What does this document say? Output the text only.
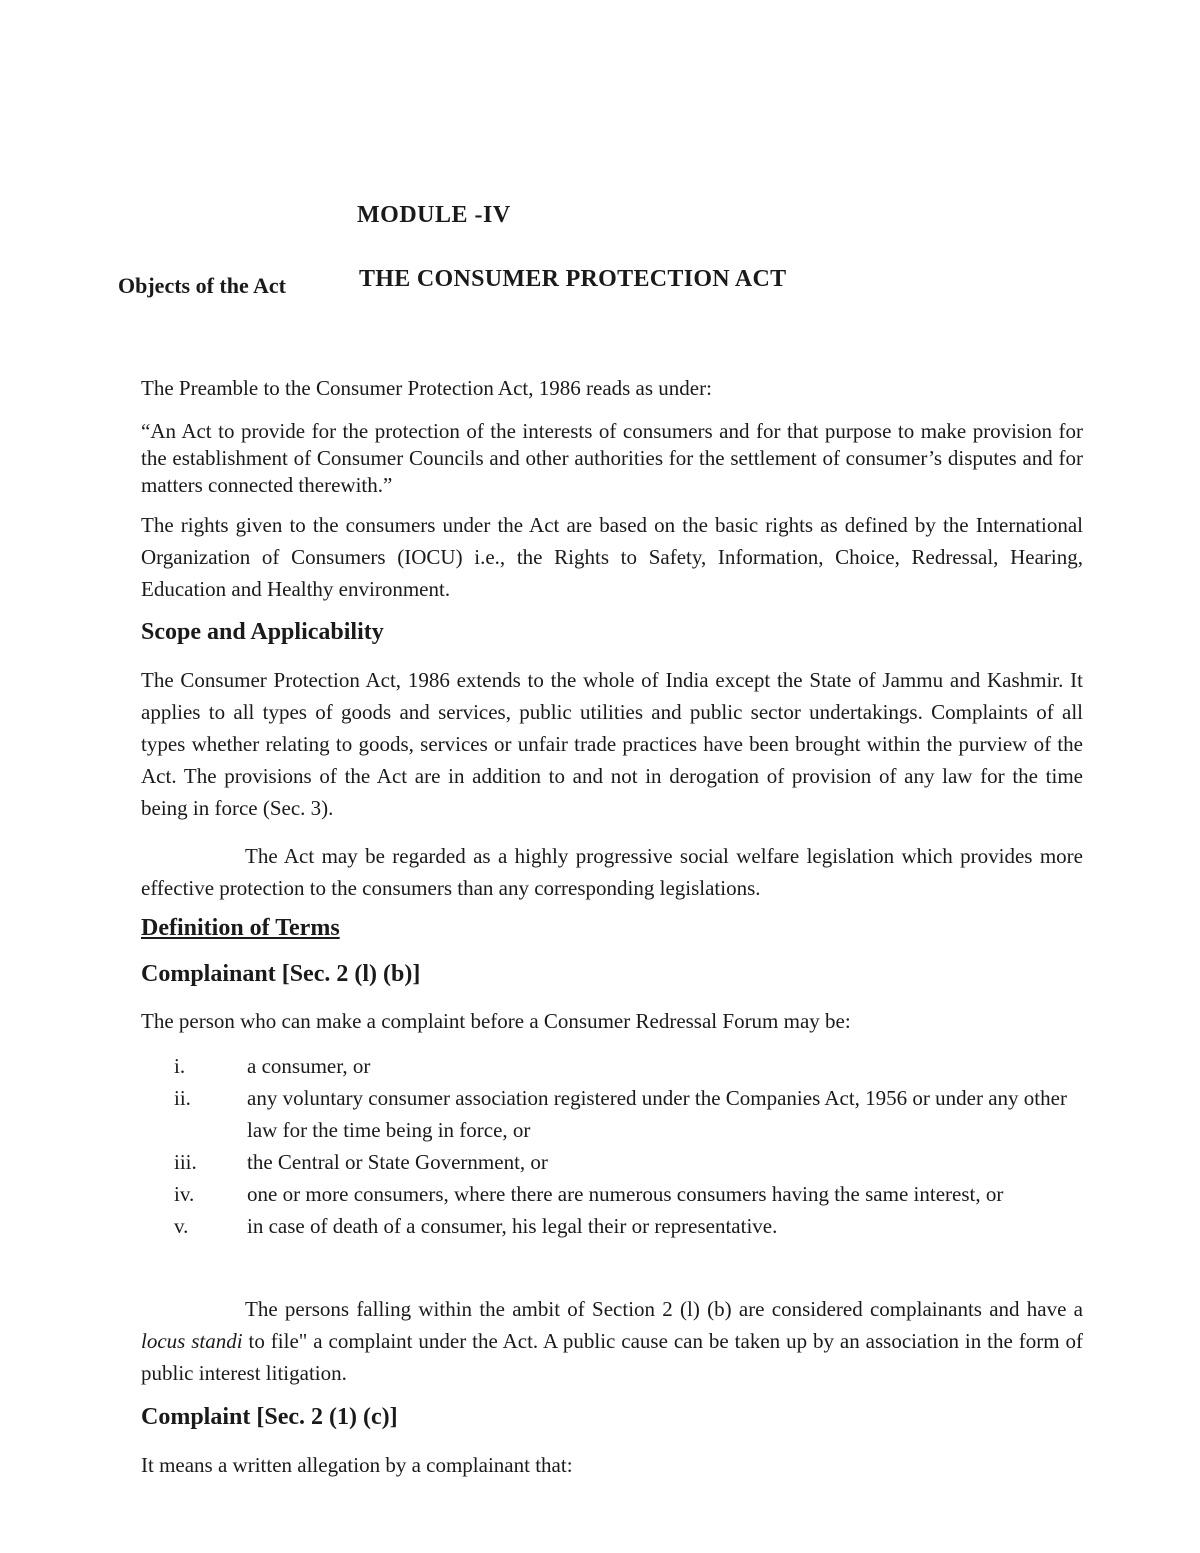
MODULE -IV
Objects of the Act	THE CONSUMER PROTECTION ACT
The Preamble to the Consumer Protection Act, 1986 reads as under:
“An Act to provide for the protection of the interests of consumers and for that purpose to make provision for the establishment of Consumer Councils and other authorities for the settlement of consumer’s disputes and for matters connected therewith.”
The rights given to the consumers under the Act are based on the basic rights as defined by the International Organization of Consumers (IOCU) i.e., the Rights to Safety, Information, Choice, Redressal, Hearing, Education and Healthy environment.
Scope and Applicability
The Consumer Protection Act, 1986 extends to the whole of India except the State of Jammu and Kashmir. It applies to all types of goods and services, public utilities and public sector undertakings. Complaints of all types whether relating to goods, services or unfair trade practices have been brought within the purview of the Act. The provisions of the Act are in addition to and not in derogation of provision of any law for the time being in force (Sec. 3).
The Act may be regarded as a highly progressive social welfare legislation which provides more effective protection to the consumers than any corresponding legislations.
Definition of Terms
Complainant [Sec. 2 (l) (b)]
The person who can make a complaint before a Consumer Redressal Forum may be:
i.	a consumer, or
ii.	any voluntary consumer association registered under the Companies Act, 1956 or under any other law for the time being in force, or
iii.	the Central or State Government, or
iv.	one or more consumers, where there are numerous consumers having the same interest, or
v.	in case of death of a consumer, his legal their or representative.
The persons falling within the ambit of Section 2 (l) (b) are considered complainants and have a locus standi to file" a complaint under the Act. A public cause can be taken up by an association in the form of public interest litigation.
Complaint [Sec. 2 (1) (c)]
It means a written allegation by a complainant that:
